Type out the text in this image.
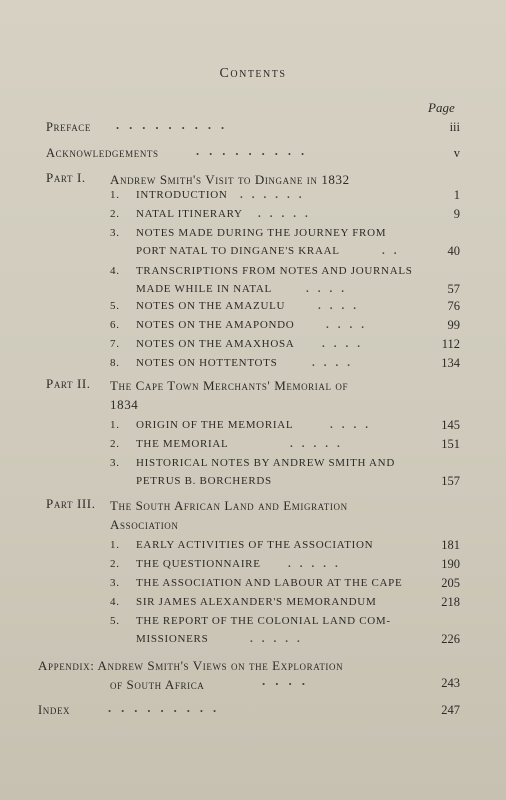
Contents
Page
Preface .........	iii
Acknowledgements	.........	v
Part I. Andrew Smith's Visit to Dingane in 1832
1. INTRODUCTION	......	1
2. NATAL ITINERARY	.....	9
3. NOTES MADE DURING THE JOURNEY FROM
PORT NATAL TO DINGANE'S KRAAL	..	40
4. TRANSCRIPTIONS FROM NOTES AND JOURNALS
MADE WHILE IN NATAL	....	57
5. NOTES ON THE AMAZULU	....	76
6. NOTES ON THE AMAPONDO	....	99
7. NOTES ON THE AMAXHOSA	....	112
8. NOTES ON HOTTENTOTS	....	134
Part II. The Cape Town Merchants' Memorial of
1834
1. ORIGIN OF THE MEMORIAL	....	145
2. THE MEMORIAL	.....	151
3. HISTORICAL NOTES BY ANDREW SMITH AND
PETRUS B. BORCHERDS	157
Part III. The South African Land and Emigration
Association
1. EARLY ACTIVITIES OF THE ASSOCIATION	181
2. THE QUESTIONNAIRE	.....	190
3. THE ASSOCIATION AND LABOUR AT THE CAPE	205
4. SIR JAMES ALEXANDER'S MEMORANDUM	218
5. THE REPORT OF THE COLONIAL LAND COM-
MISSIONERS	.....	226
Appendix: Andrew Smith's Views on the Exploration
of South Africa	....	243
Index	.........	247
